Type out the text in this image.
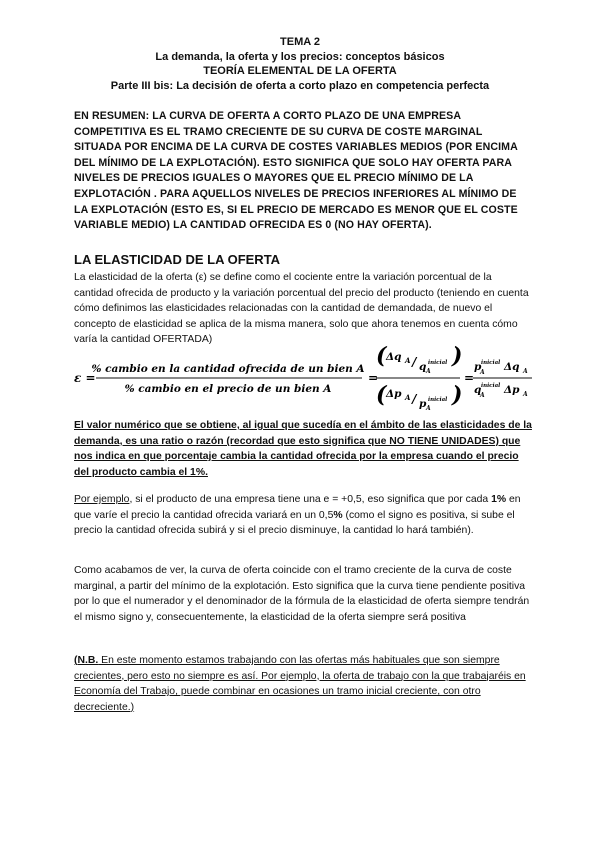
TEMA 2
La demanda, la oferta y los precios: conceptos básicos
TEORÍA ELEMENTAL DE LA OFERTA
Parte III bis: La decisión de oferta a corto plazo en competencia perfecta
EN RESUMEN: LA CURVA DE OFERTA A CORTO PLAZO DE UNA EMPRESA COMPETITIVA ES EL TRAMO CRECIENTE DE SU CURVA DE COSTE MARGINAL SITUADA POR ENCIMA DE LA CURVA DE COSTES VARIABLES MEDIOS (POR ENCIMA DEL MÍNIMO DE LA EXPLOTACIÓN). ESTO SIGNIFICA QUE SOLO HAY OFERTA PARA NIVELES DE PRECIOS IGUALES O MAYORES QUE EL PRECIO MÍNIMO DE LA EXPLOTACIÓN . PARA AQUELLOS NIVELES DE PRECIOS INFERIORES AL MÍNIMO DE LA EXPLOTACIÓN (ESTO ES, SI EL PRECIO DE MERCADO ES MENOR QUE EL COSTE VARIABLE MEDIO) LA CANTIDAD OFRECIDA ES 0 (NO HAY OFERTA).
LA ELASTICIDAD DE LA OFERTA
La elasticidad de la oferta (ε) se define como el cociente entre la variación porcentual de la cantidad ofrecida de producto y la variación porcentual del precio del producto (teniendo en cuenta cómo definimos las elasticidades relacionadas con la cantidad de demandada, de nuevo el concepto de elasticidad se aplica de la misma manera, solo que ahora tenemos en cuenta cómo varía la cantidad OFERTADA)
ε =
% cambio en la cantidad ofrecida de un bien A
% cambio en el precio de un bien A
=
( Δq A / q A
inicial )
( Δp A / p A
inicial )
=
p
A
inicial Δq A
q
A
inicial Δp A
El valor numérico que se obtiene, al igual que sucedía en el ámbito de las elasticidades de la demanda, es una ratio o razón (recordad que esto significa que NO TIENE UNIDADES) que nos indica en que porcentaje cambia la cantidad ofrecida por la empresa cuando el precio del producto cambia el 1%.
Por ejemplo, si el producto de una empresa tiene una e = +0,5, eso significa que por cada 1% en que varíe el precio la cantidad ofrecida variará en un 0,5% (como el signo es positiva, si sube el precio la cantidad ofrecida subirá y si el precio disminuye, la cantidad lo hará también).
Como acabamos de ver, la curva de oferta coincide con el tramo creciente de la curva de coste marginal, a partir del mínimo de la explotación. Esto significa que la curva tiene pendiente positiva por lo que el numerador y el denominador de la fórmula de la elasticidad de oferta siempre tendrán el mismo signo y, consecuentemente, la elasticidad de la oferta siempre será positiva
(N.B. En este momento estamos trabajando con las ofertas más habituales que son siempre crecientes, pero esto no siempre es así. Por ejemplo, la oferta de trabajo con la que trabajaréis en Economía del Trabajo, puede combinar en ocasiones un tramo inicial creciente, con otro decreciente.)
